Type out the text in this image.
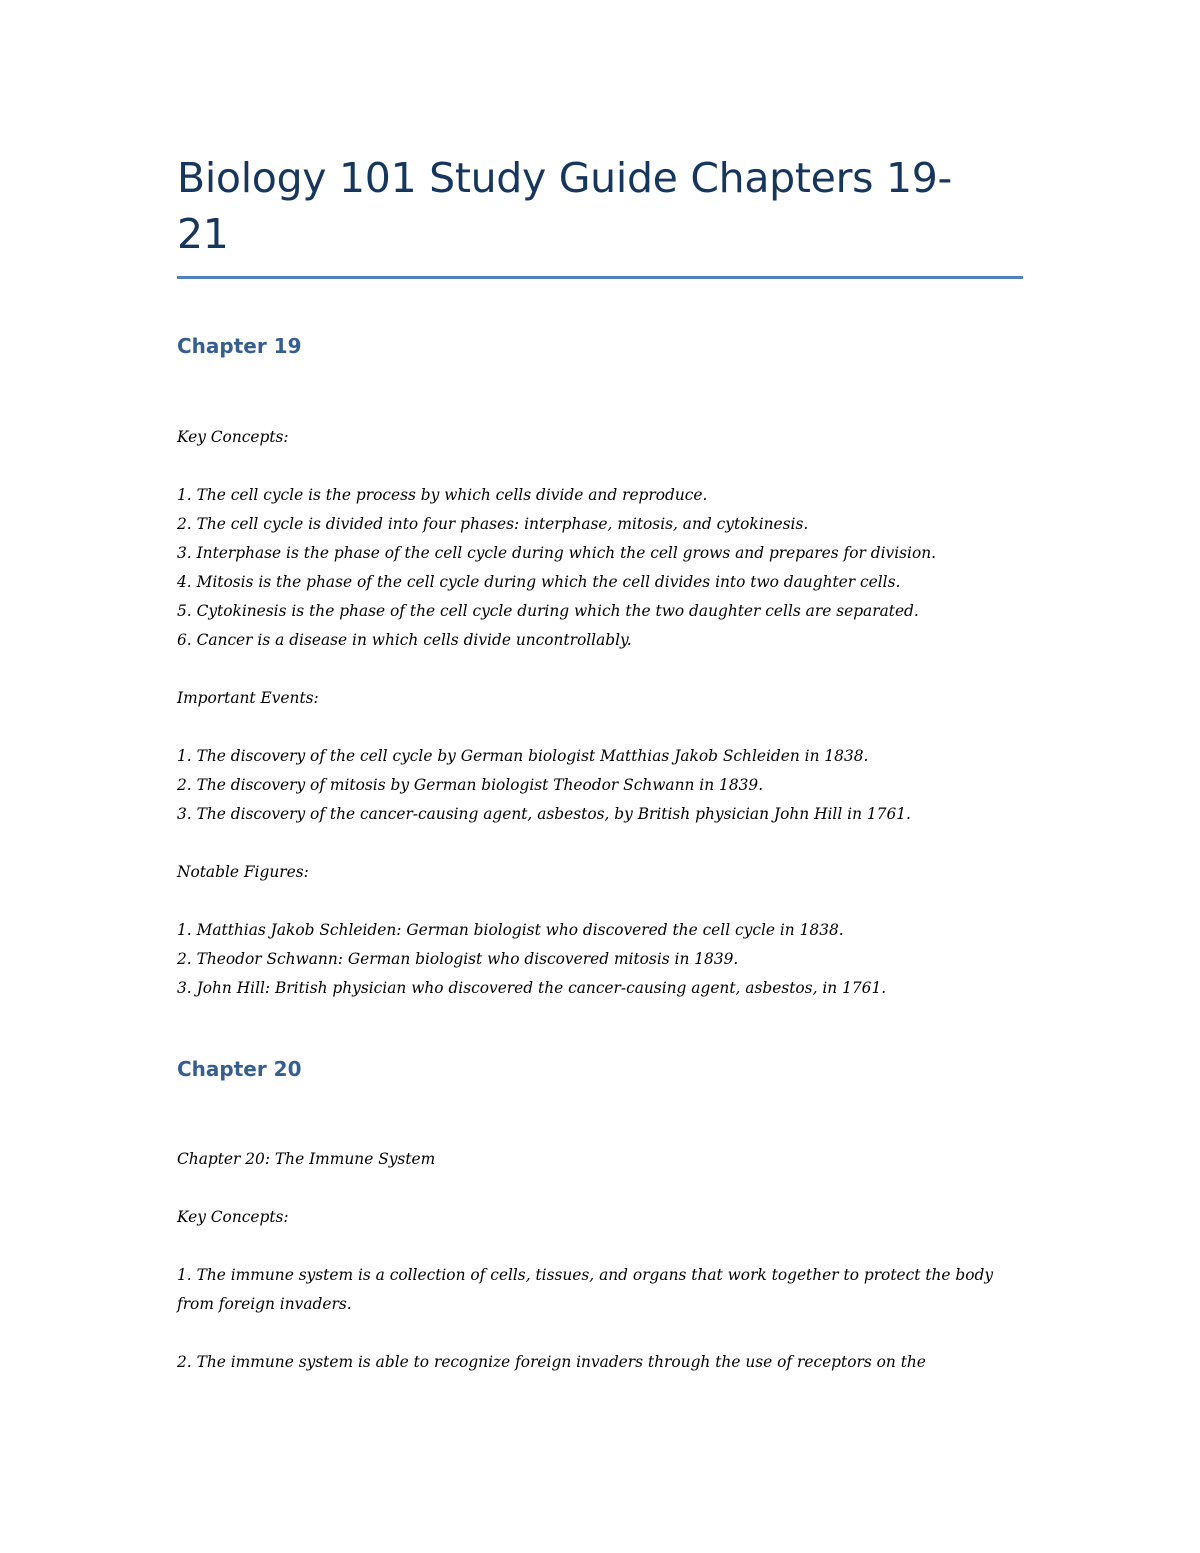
Biology 101 Study Guide Chapters 19-21
Chapter 19

Key Concepts:

1. The cell cycle is the process by which cells divide and reproduce.
2. The cell cycle is divided into four phases: interphase, mitosis, and cytokinesis.
3. Interphase is the phase of the cell cycle during which the cell grows and prepares for division.
4. Mitosis is the phase of the cell cycle during which the cell divides into two daughter cells.
5. Cytokinesis is the phase of the cell cycle during which the two daughter cells are separated.
6. Cancer is a disease in which cells divide uncontrollably.

Important Events:

1. The discovery of the cell cycle by German biologist Matthias Jakob Schleiden in 1838.
2. The discovery of mitosis by German biologist Theodor Schwann in 1839.
3. The discovery of the cancer-causing agent, asbestos, by British physician John Hill in 1761.

Notable Figures:

1. Matthias Jakob Schleiden: German biologist who discovered the cell cycle in 1838.
2. Theodor Schwann: German biologist who discovered mitosis in 1839.
3. John Hill: British physician who discovered the cancer-causing agent, asbestos, in 1761.
Chapter 20

Chapter 20: The Immune System

Key Concepts:

1. The immune system is a collection of cells, tissues, and organs that work together to protect the body from foreign invaders.
2. The immune system is able to recognize foreign invaders through the use of receptors on the
